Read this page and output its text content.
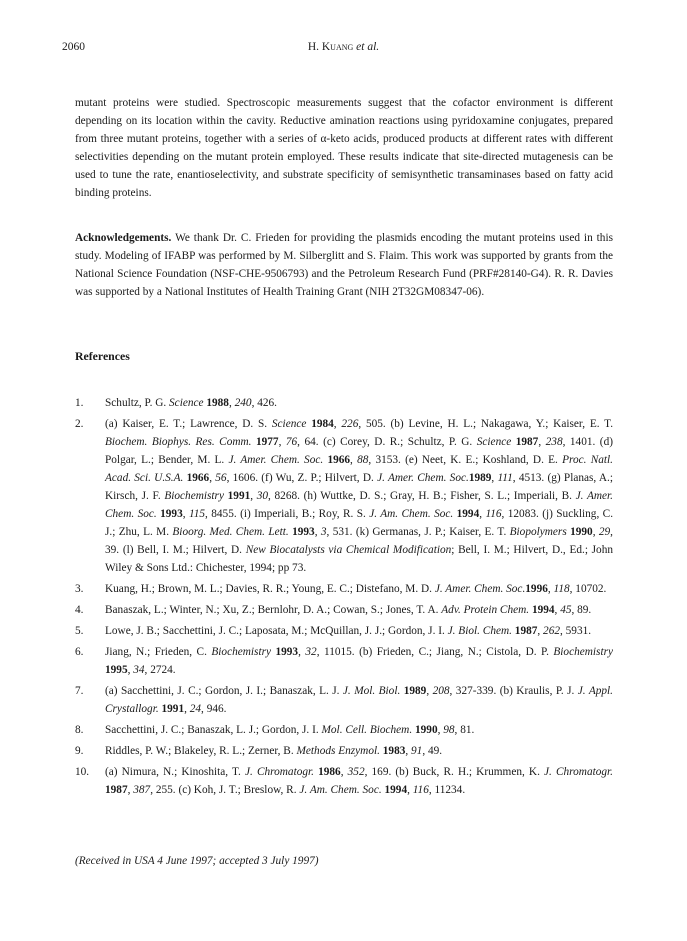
2060	H. Kuang et al.

mutant proteins were studied. Spectroscopic measurements suggest that the cofactor environment is different depending on its location within the cavity. Reductive amination reactions using pyridoxamine conjugates, prepared from three mutant proteins, together with a series of α-keto acids, produced products at different rates with different selectivities depending on the mutant protein employed. These results indicate that site-directed mutagenesis can be used to tune the rate, enantioselectivity, and substrate specificity of semisynthetic transaminases based on fatty acid binding proteins.

Acknowledgements. We thank Dr. C. Frieden for providing the plasmids encoding the mutant proteins used in this study. Modeling of IFABP was performed by M. Silberglitt and S. Flaim. This work was supported by grants from the National Science Foundation (NSF-CHE-9506793) and the Petroleum Research Fund (PRF#28140-G4). R. R. Davies was supported by a National Institutes of Health Training Grant (NIH 2T32GM08347-06).

References
1.	Schultz, P. G. Science 1988, 240, 426.
2.	(a) Kaiser, E. T.; Lawrence, D. S. Science 1984, 226, 505. (b) Levine, H. L.; Nakagawa, Y.; Kaiser, E. T. Biochem. Biophys. Res. Comm. 1977, 76, 64. (c) Corey, D. R.; Schultz, P. G. Science 1987, 238, 1401. (d) Polgar, L.; Bender, M. L. J. Amer. Chem. Soc. 1966, 88, 3153. (e) Neet, K. E.; Koshland, D. E. Proc. Natl. Acad. Sci. U.S.A. 1966, 56, 1606. (f) Wu, Z. P.; Hilvert, D. J. Amer. Chem. Soc.1989, 111, 4513. (g) Planas, A.; Kirsch, J. F. Biochemistry 1991, 30, 8268. (h) Wuttke, D. S.; Gray, H. B.; Fisher, S. L.; Imperiali, B. J. Amer. Chem. Soc. 1993, 115, 8455. (i) Imperiali, B.; Roy, R. S. J. Am. Chem. Soc. 1994, 116, 12083. (j) Suckling, C. J.; Zhu, L. M. Bioorg. Med. Chem. Lett. 1993, 3, 531. (k) Germanas, J. P.; Kaiser, E. T. Biopolymers 1990, 29, 39. (l) Bell, I. M.; Hilvert, D. New Biocatalysts via Chemical Modification; Bell, I. M.; Hilvert, D., Ed.; John Wiley & Sons Ltd.: Chichester, 1994; pp 73.
3.	Kuang, H.; Brown, M. L.; Davies, R. R.; Young, E. C.; Distefano, M. D. J. Amer. Chem. Soc.1996, 118, 10702.
4.	Banaszak, L.; Winter, N.; Xu, Z.; Bernlohr, D. A.; Cowan, S.; Jones, T. A. Adv. Protein Chem. 1994, 45, 89.
5.	Lowe, J. B.; Sacchettini, J. C.; Laposata, M.; McQuillan, J. J.; Gordon, J. I. J. Biol. Chem. 1987, 262, 5931.
6.	Jiang, N.; Frieden, C. Biochemistry 1993, 32, 11015. (b) Frieden, C.; Jiang, N.; Cistola, D. P. Biochemistry 1995, 34, 2724.
7.	(a) Sacchettini, J. C.; Gordon, J. I.; Banaszak, L. J. J. Mol. Biol. 1989, 208, 327-339. (b) Kraulis, P. J. J. Appl. Crystallogr. 1991, 24, 946.
8.	Sacchettini, J. C.; Banaszak, L. J.; Gordon, J. I. Mol. Cell. Biochem. 1990, 98, 81.
9.	Riddles, P. W.; Blakeley, R. L.; Zerner, B. Methods Enzymol. 1983, 91, 49.
10.	(a) Nimura, N.; Kinoshita, T. J. Chromatogr. 1986, 352, 169. (b) Buck, R. H.; Krummen, K. J. Chromatogr. 1987, 387, 255. (c) Koh, J. T.; Breslow, R. J. Am. Chem. Soc. 1994, 116, 11234.

(Received in USA 4 June 1997; accepted 3 July 1997)
